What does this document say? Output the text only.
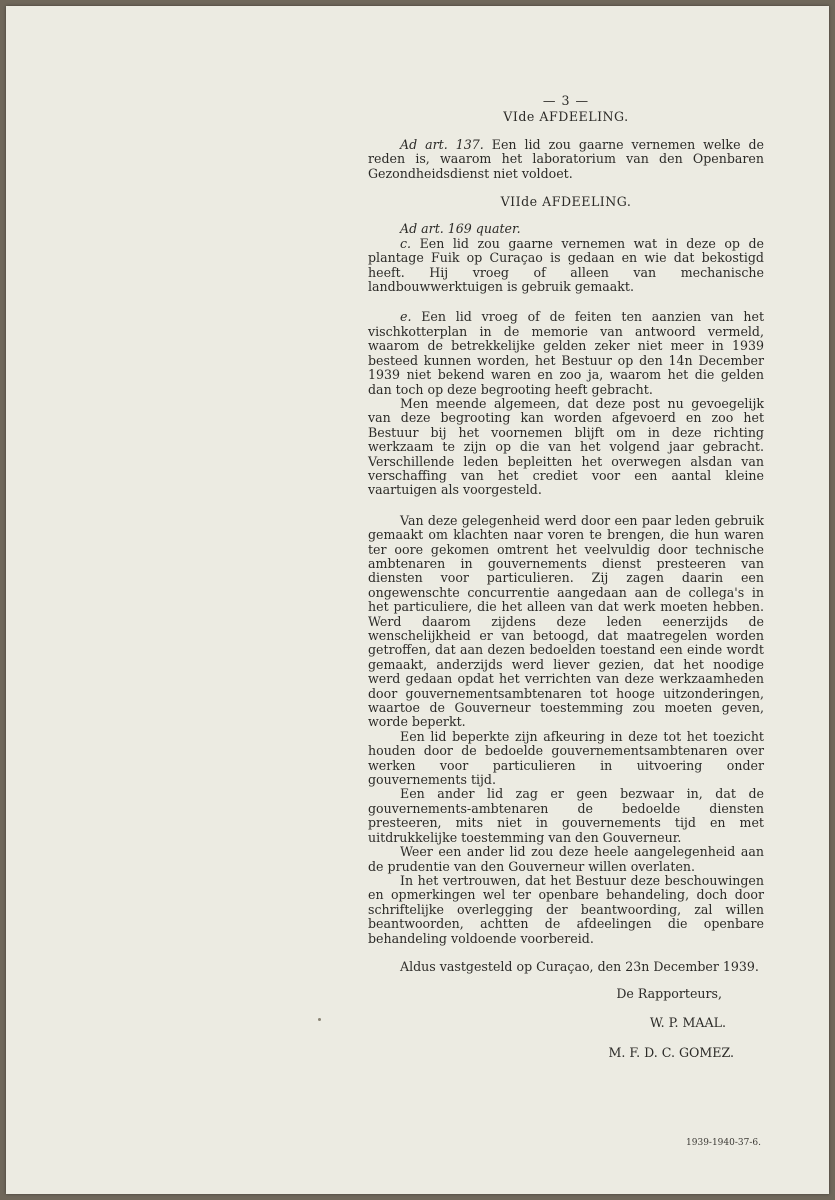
— 3 —
VIde AFDEELING.

Ad art. 137. Een lid zou gaarne vernemen welke de reden is, waarom het laboratorium van den Openbaren Gezondheidsdienst niet voldoet.

VIIde AFDEELING.

Ad art. 169 quater.

c. Een lid zou gaarne vernemen wat in deze op de plantage Fuik op Curaçao is gedaan en wie dat bekostigd heeft. Hij vroeg of alleen van mechanische landbouwwerktuigen is gebruik gemaakt.

e. Een lid vroeg of de feiten ten aanzien van het vischkotterplan in de memorie van antwoord vermeld, waarom de betrekkelijke gelden zeker niet meer in 1939 besteed kunnen worden, het Bestuur op den 14n December 1939 niet bekend waren en zoo ja, waarom het die gelden dan toch op deze begrooting heeft gebracht.

Men meende algemeen, dat deze post nu gevoegelijk van deze begrooting kan worden afgevoerd en zoo het Bestuur bij het voornemen blijft om in deze richting werkzaam te zijn op die van het volgend jaar gebracht. Verschillende leden bepleitten het overwegen alsdan van verschaffing van het crediet voor een aantal kleine vaartuigen als voorgesteld.

Van deze gelegenheid werd door een paar leden gebruik gemaakt om klachten naar voren te brengen, die hun waren ter oore gekomen omtrent het veelvuldig door technische ambtenaren in gouvernements dienst presteeren van diensten voor particulieren. Zij zagen daarin een ongewenschte concurrentie aangedaan aan de collega's in het particuliere, die het alleen van dat werk moeten hebben. Werd daarom zijdens deze leden eenerzijds de wenschelijkheid er van betoogd, dat maatregelen worden getroffen, dat aan dezen bedoelden toestand een einde wordt gemaakt, anderzijds werd liever gezien, dat het noodige werd gedaan opdat het verrichten van deze werkzaamheden door gouvernementsambtenaren tot hooge uitzonderingen, waartoe de Gouverneur toestemming zou moeten geven, worde beperkt.

Een lid beperkte zijn afkeuring in deze tot het toezicht houden door de bedoelde gouvernementsambtenaren over werken voor particulieren in uitvoering onder gouvernements tijd.

Een ander lid zag er geen bezwaar in, dat de gouvernements-ambtenaren de bedoelde diensten presteeren, mits niet in gouvernements tijd en met uitdrukkelijke toestemming van den Gouverneur.

Weer een ander lid zou deze heele aangelegenheid aan de prudentie van den Gouverneur willen overlaten.

In het vertrouwen, dat het Bestuur deze beschouwingen en opmerkingen wel ter openbare behandeling, doch door schriftelijke overlegging der beantwoording, zal willen beantwoorden, achtten de afdeelingen die openbare behandeling voldoende voorbereid.

Aldus vastgesteld op Curaçao, den 23n December 1939.

De Rapporteurs,
W. P. MAAL.
M. F. D. C. GOMEZ.
1939-1940-37-6.
